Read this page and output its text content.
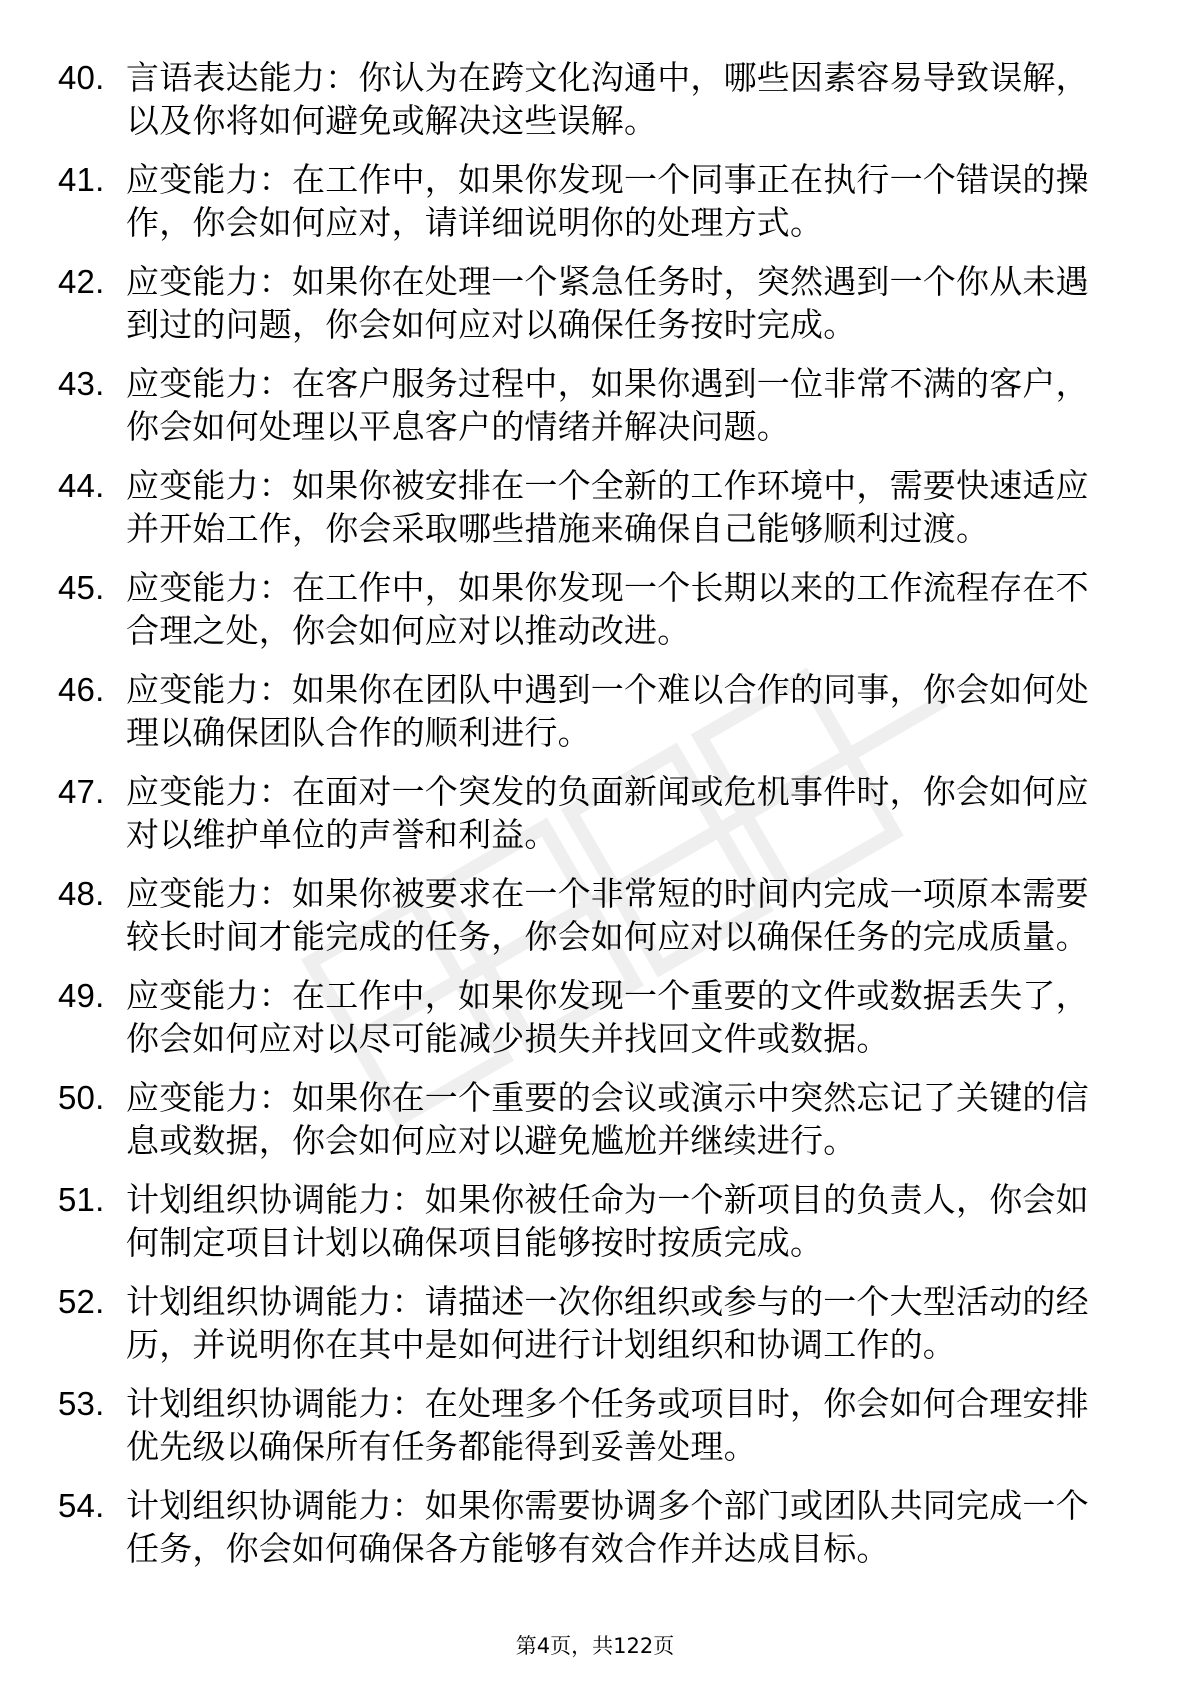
40. 言语表达能力：你认为在跨文化沟通中，哪些因素容易导致误解，以及你将如何避免或解决这些误解。
41. 应变能力：在工作中，如果你发现一个同事正在执行一个错误的操作，你会如何应对，请详细说明你的处理方式。
42. 应变能力：如果你在处理一个紧急任务时，突然遇到一个你从未遇到过的问题，你会如何应对以确保任务按时完成。
43. 应变能力：在客户服务过程中，如果你遇到一位非常不满的客户，你会如何处理以平息客户的情绪并解决问题。
44. 应变能力：如果你被安排在一个全新的工作环境中，需要快速适应并开始工作，你会采取哪些措施来确保自己能够顺利过渡。
45. 应变能力：在工作中，如果你发现一个长期以来的工作流程存在不合理之处，你会如何应对以推动改进。
46. 应变能力：如果你在团队中遇到一个难以合作的同事，你会如何处理以确保团队合作的顺利进行。
47. 应变能力：在面对一个突发的负面新闻或危机事件时，你会如何应对以维护单位的声誉和利益。
48. 应变能力：如果你被要求在一个非常短的时间内完成一项原本需要较长时间才能完成的任务，你会如何应对以确保任务的完成质量。
49. 应变能力：在工作中，如果你发现一个重要的文件或数据丢失了，你会如何应对以尽可能减少损失并找回文件或数据。
50. 应变能力：如果你在一个重要的会议或演示中突然忘记了关键的信息或数据，你会如何应对以避免尴尬并继续进行。
51. 计划组织协调能力：如果你被任命为一个新项目的负责人，你会如何制定项目计划以确保项目能够按时按质完成。
52. 计划组织协调能力：请描述一次你组织或参与的一个大型活动的经历，并说明你在其中是如何进行计划组织和协调工作的。
53. 计划组织协调能力：在处理多个任务或项目时，你会如何合理安排优先级以确保所有任务都能得到妥善处理。
54. 计划组织协调能力：如果你需要协调多个部门或团队共同完成一个任务，你会如何确保各方能够有效合作并达成目标。
第4页，共122页
